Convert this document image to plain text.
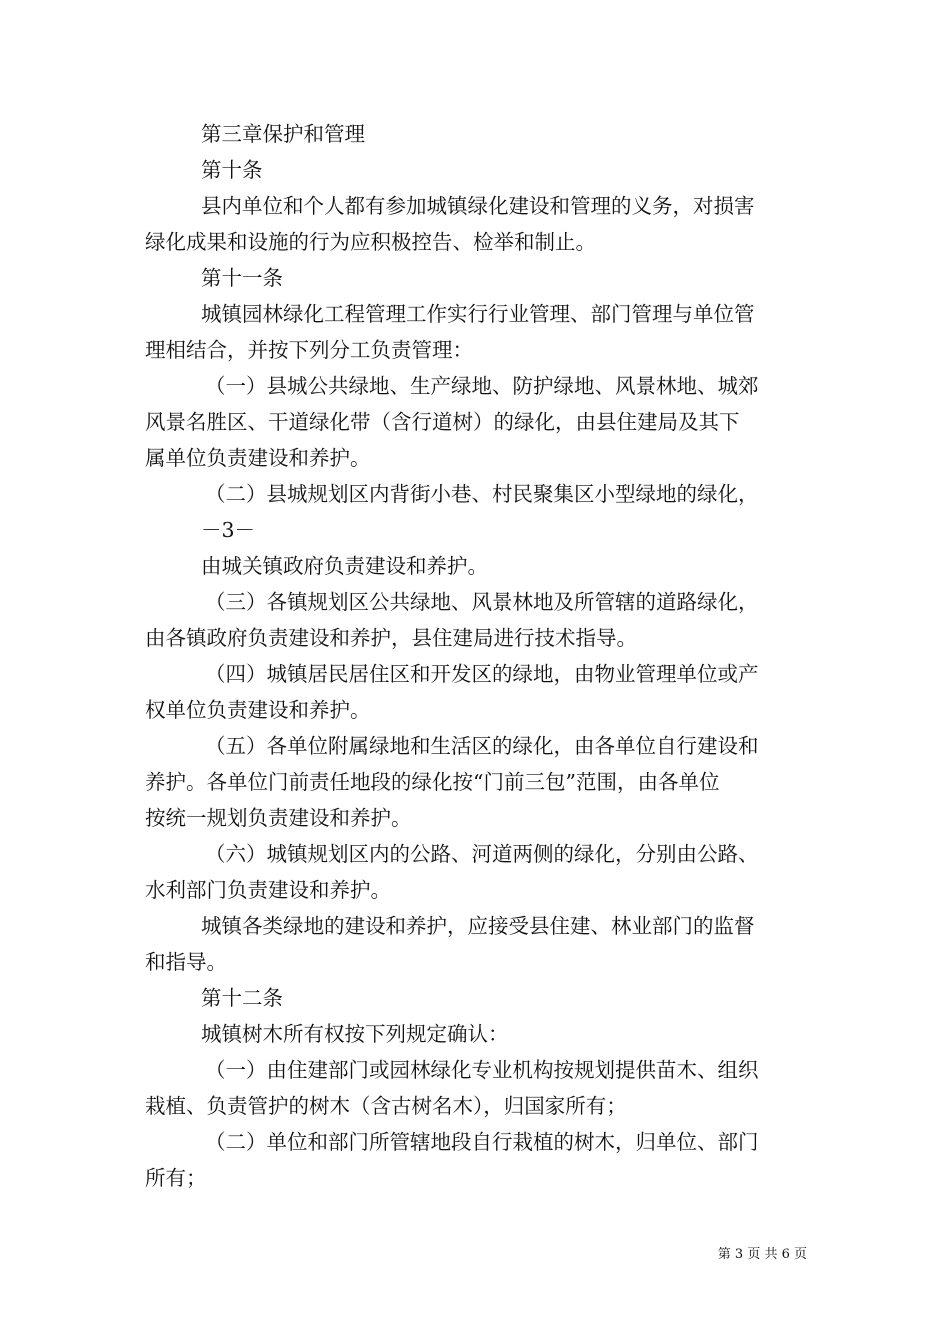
第三章保护和管理
第十条
县内单位和个人都有参加城镇绿化建设和管理的义务，对损害
绿化成果和设施的行为应积极控告、检举和制止。
第十一条
城镇园林绿化工程管理工作实行行业管理、部门管理与单位管
理相结合，并按下列分工负责管理：
（一）县城公共绿地、生产绿地、防护绿地、风景林地、城郊
风景名胜区、干道绿化带（含行道树）的绿化，由县住建局及其下
属单位负责建设和养护。
（二）县城规划区内背街小巷、村民聚集区小型绿地的绿化，
－3－
由城关镇政府负责建设和养护。
（三）各镇规划区公共绿地、风景林地及所管辖的道路绿化，
由各镇政府负责建设和养护，县住建局进行技术指导。
（四）城镇居民居住区和开发区的绿地，由物业管理单位或产
权单位负责建设和养护。
（五）各单位附属绿地和生活区的绿化，由各单位自行建设和
养护。各单位门前责任地段的绿化按“门前三包”范围，由各单位
按统一规划负责建设和养护。
（六）城镇规划区内的公路、河道两侧的绿化，分别由公路、
水利部门负责建设和养护。
城镇各类绿地的建设和养护，应接受县住建、林业部门的监督
和指导。
第十二条
城镇树木所有权按下列规定确认：
（一）由住建部门或园林绿化专业机构按规划提供苗木、组织
栽植、负责管护的树木（含古树名木），归国家所有；
（二）单位和部门所管辖地段自行栽植的树木，归单位、部门
所有；
第 3 页 共 6 页
